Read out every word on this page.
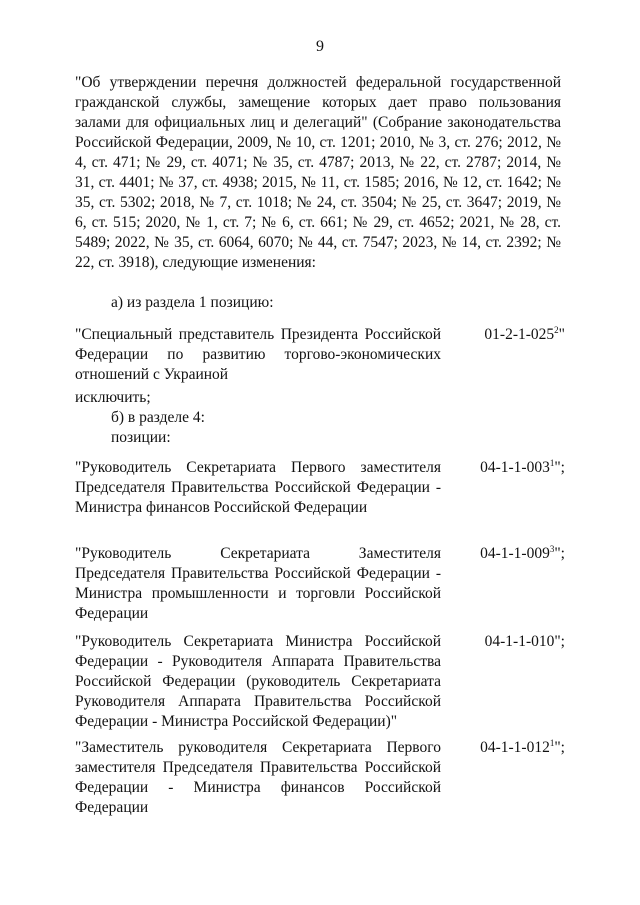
9

"Об утверждении перечня должностей федеральной государственной гражданской службы, замещение которых дает право пользования залами для официальных лиц и делегаций" (Собрание законодательства Российской Федерации, 2009, № 10, ст. 1201; 2010, № 3, ст. 276; 2012, № 4, ст. 471; № 29, ст. 4071; № 35, ст. 4787; 2013, № 22, ст. 2787; 2014, № 31, ст. 4401; № 37, ст. 4938; 2015, № 11, ст. 1585; 2016, № 12, ст. 1642; № 35, ст. 5302; 2018, № 7, ст. 1018; № 24, ст. 3504; № 25, ст. 3647; 2019, № 6, ст. 515; 2020, № 1, ст. 7; № 6, ст. 661; № 29, ст. 4652; 2021, № 28, ст. 5489; 2022, № 35, ст. 6064, 6070; № 44, ст. 7547; 2023, № 14, ст. 2392; № 22, ст. 3918), следующие изменения:

а) из раздела 1 позицию:

"Специальный представитель Президента Российской Федерации по развитию торгово-экономических отношений с Украиной

$01-2-1-025^2$"
исключить;
б) в разделе 4:
позиции:

"Руководитель Секретариата Первого заместителя Председателя Правительства Российской Федерации - Министра финансов Российской Федерации

$04-1-1-003^1$";

"Руководитель Секретариата Заместителя Председателя Правительства Российской Федерации - Министра промышленности и торговли Российской Федерации

$04-1-1-009^3$";

"Руководитель Секретариата Министра Российской Федерации - Руководителя Аппарата Правительства Российской Федерации (руководитель Секретариата Руководителя Аппарата Правительства Российской Федерации - Министра Российской Федерации)"

04-1-1-010";

"Заместитель руководителя Секретариата Первого заместителя Председателя Правительства Российской Федерации - Министра финансов Российской Федерации

$04-1-1-012^1$";
